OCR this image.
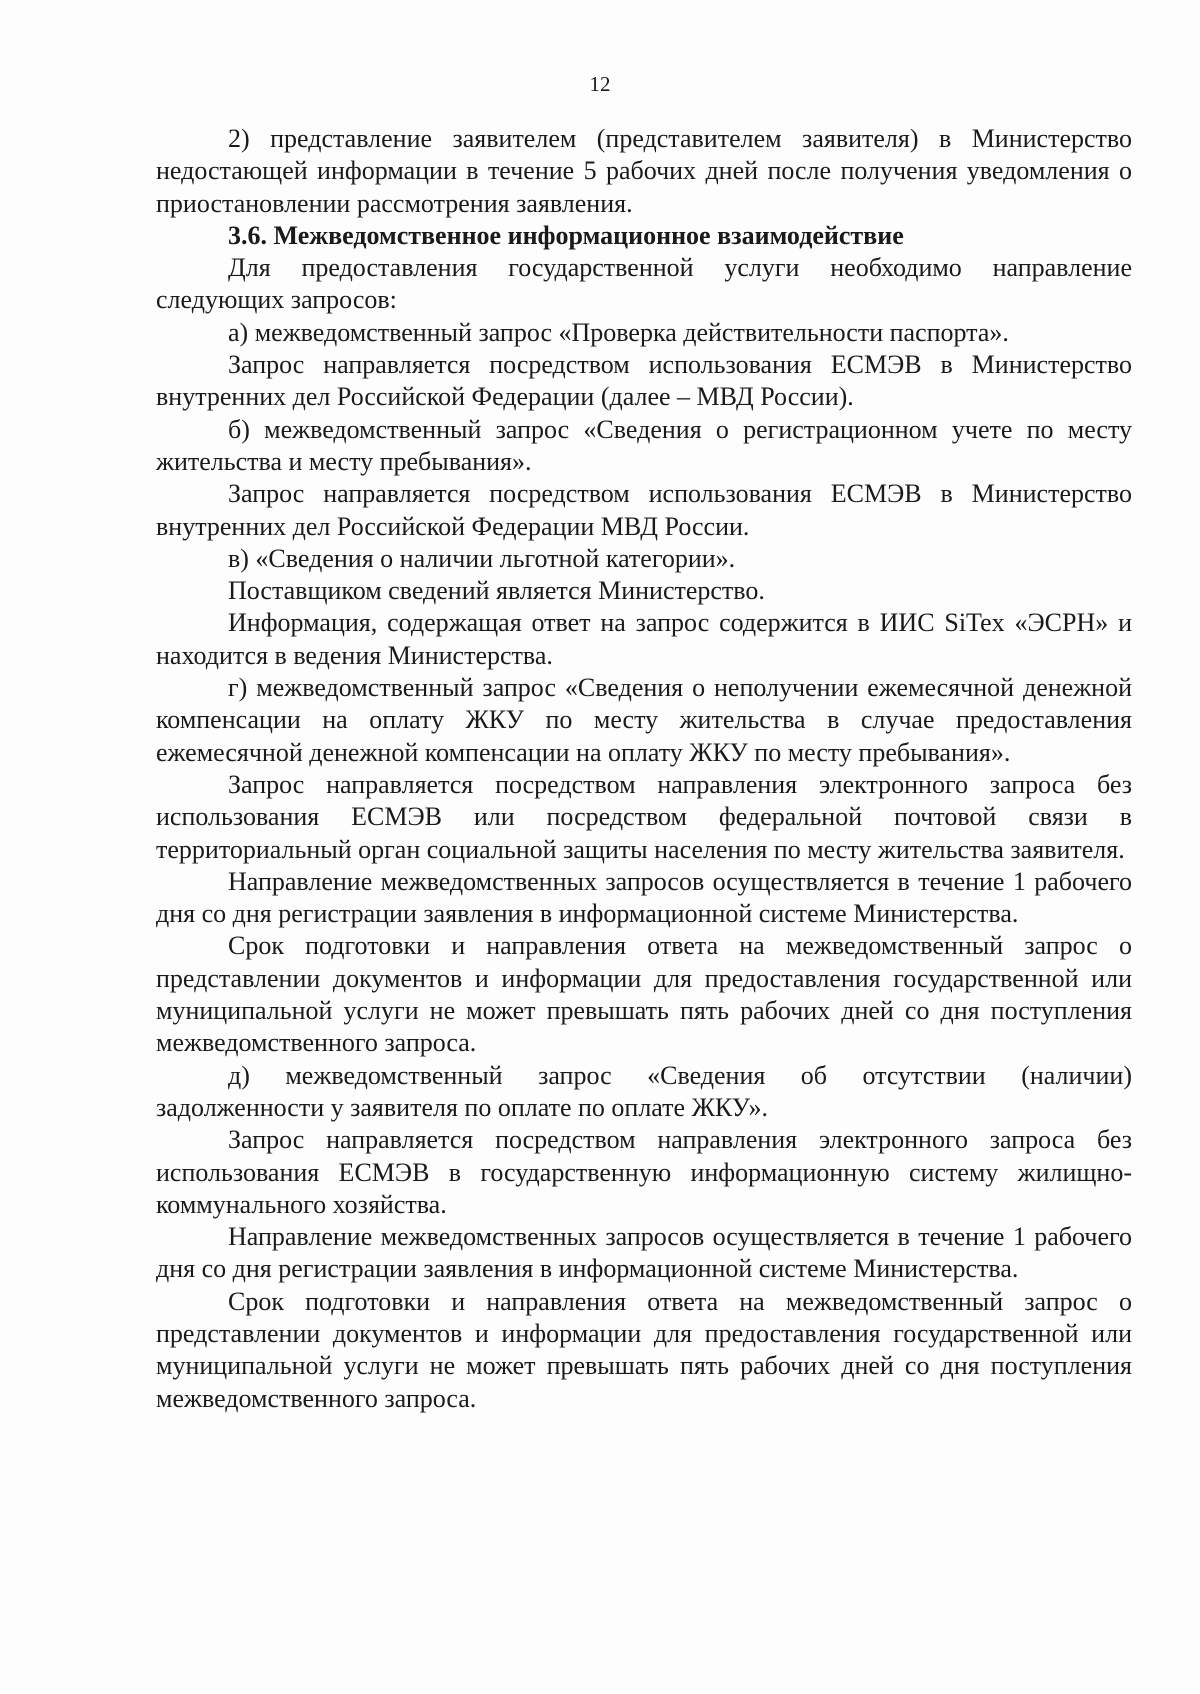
12

2) представление заявителем (представителем заявителя) в Министерство недостающей информации в течение 5 рабочих дней после получения уведомления о приостановлении рассмотрения заявления.

3.6. Межведомственное информационное взаимодействие

Для предоставления государственной услуги необходимо направление следующих запросов:

а) межведомственный запрос «Проверка действительности паспорта».

Запрос направляется посредством использования ЕСМЭВ в Министерство внутренних дел Российской Федерации (далее – МВД России).

б) межведомственный запрос «Сведения о регистрационном учете по месту жительства и месту пребывания».

Запрос направляется посредством использования ЕСМЭВ в Министерство внутренних дел Российской Федерации МВД России.

в) «Сведения о наличии льготной категории».

Поставщиком сведений является Министерство.

Информация, содержащая ответ на запрос содержится в ИИС SiTex «ЭСРН» и находится в ведения Министерства.

г) межведомственный запрос «Сведения о неполучении ежемесячной денежной компенсации на оплату ЖКУ по месту жительства в случае предоставления ежемесячной денежной компенсации на оплату ЖКУ по месту пребывания».

Запрос направляется посредством направления электронного запроса без использования ЕСМЭВ или посредством федеральной почтовой связи в территориальный орган социальной защиты населения по месту жительства заявителя.

Направление межведомственных запросов осуществляется в течение 1 рабочего дня со дня регистрации заявления в информационной системе Министерства.

Срок подготовки и направления ответа на межведомственный запрос о представлении документов и информации для предоставления государственной или муниципальной услуги не может превышать пять рабочих дней со дня поступления межведомственного запроса.

д) межведомственный запрос «Сведения об отсутствии (наличии) задолженности у заявителя по оплате по оплате ЖКУ».

Запрос направляется посредством направления электронного запроса без использования ЕСМЭВ в государственную информационную систему жилищно-коммунального хозяйства.

Направление межведомственных запросов осуществляется в течение 1 рабочего дня со дня регистрации заявления в информационной системе Министерства.

Срок подготовки и направления ответа на межведомственный запрос о представлении документов и информации для предоставления государственной или муниципальной услуги не может превышать пять рабочих дней со дня поступления межведомственного запроса.
